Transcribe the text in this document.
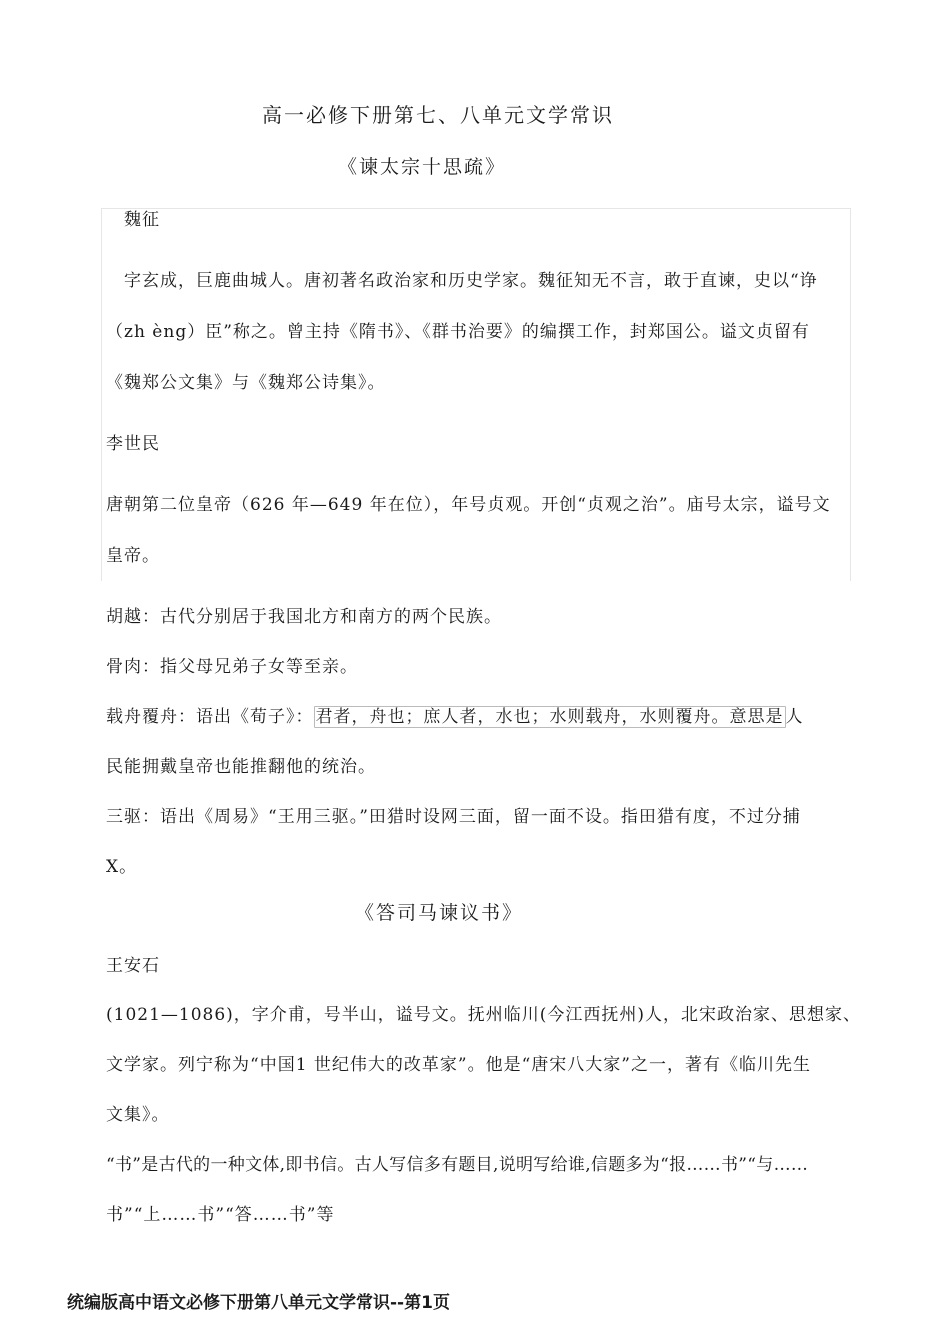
高一必修下册第七、八单元文学常识
《谏太宗十思疏》
魏征
字玄成，巨鹿曲城人。唐初著名政治家和历史学家。魏征知无不言，敢于直谏，史以“诤
（zh èng）臣”称之。曾主持《隋书》、《群书治要》的编撰工作，封郑国公。谥文贞留有
《魏郑公文集》与《魏郑公诗集》。
李世民
唐朝第二位皇帝（626 年—649 年在位），年号贞观。开创“贞观之治”。庙号太宗，谥号文
皇帝。
胡越：古代分别居于我国北方和南方的两个民族。
骨肉：指父母兄弟子女等至亲。
载舟覆舟：语出《荀子》： 君者，舟也；庶人者，水也；水则载舟，水则覆舟。意思是 人
民能拥戴皇帝也能推翻他的统治。
三驱：语出《周易》“王用三驱。”田猎时设网三面，留一面不设。指田猎有度，不过分捕
X。
《答司马谏议书》
王安石
(1021—1086)，字介甫，号半山，谥号文。抚州临川(今江西抚州)人，北宋政治家、思想家、
文学家。列宁称为“中国1 世纪伟大的改革家”。他是“唐宋八大家”之一，著有《临川先生
文集》。
“书”是古代的一种文体,即书信。古人写信多有题目,说明写给谁,信题多为“报……书”“与……
书”“上……书”“答……书”等
统编版高中语文必修下册第八单元文学常识--第1页
